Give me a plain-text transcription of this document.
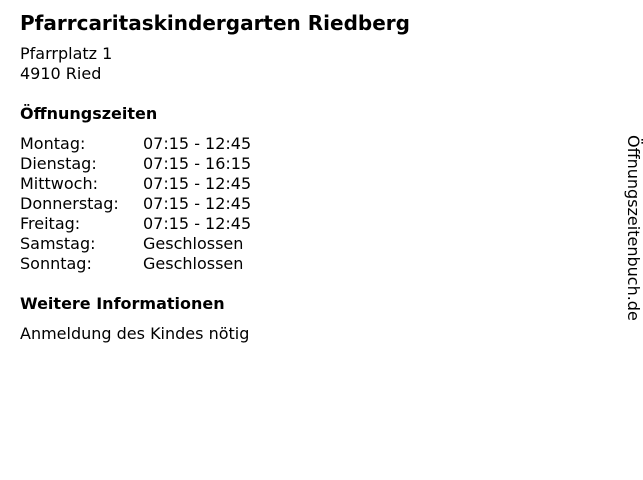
Pfarrcaritaskindergarten Riedberg
Pfarrplatz 1
4910 Ried
Öffnungszeiten
Montag:	07:15 - 12:45
Dienstag:	07:15 - 16:15
Mittwoch:	07:15 - 12:45
Donnerstag:	07:15 - 12:45
Freitag:	07:15 - 12:45
Samstag:	Geschlossen
Sonntag:	Geschlossen
Weitere Informationen
Anmeldung des Kindes nötig
Öffnungszeitenbuch.de
